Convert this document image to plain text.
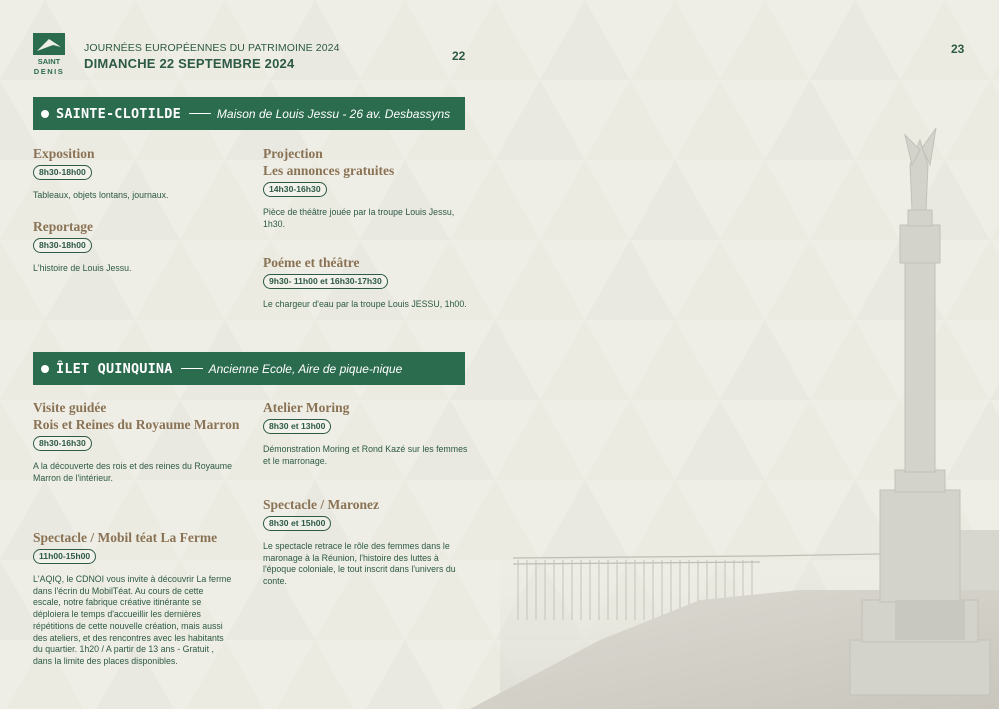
VILLE DE
SAINT
DENIS
JOURNÉES EUROPÉENNES DU PATRIMOINE 2024
DIMANCHE 22 SEPTEMBRE 2024	22	23
SAINTE-CLOTILDE	Maison de Louis Jessu - 26 av. Desbassyns
Exposition
8h30-18h00
Tableaux, objets lontans, journaux.
Reportage
8h30-18h00
L'histoire de Louis Jessu.
Projection
Les annonces gratuites
14h30-16h30
Pièce de théâtre jouée par la troupe Louis Jessu, 1h30.
Poéme et théâtre
9h30- 11h00 et 16h30-17h30
Le chargeur d'eau par la troupe Louis JESSU, 1h00.
ÎLET QUINQUINA	Ancienne Ecole, Aire de pique-nique
Visite guidée
Rois et Reines du Royaume Marron
8h30-16h30
A la découverte des rois et des reines du Royaume Marron de l'intérieur.
Spectacle / Mobil téat La Ferme
11h00-15h00
L'AQIQ, le CDNOI vous invite à découvrir La ferme dans l'écrin du MobilTéat. Au cours de cette escale, notre fabrique créative itinérante se déploiera le temps d'accueillir les dernières répétitions de cette nouvelle création, mais aussi des ateliers, et des rencontres avec les habitants du quartier. 1h20 / A partir de 13 ans - Gratuit , dans la limite des places disponibles.
Atelier Moring
8h30 et 13h00
Démonstration Moring et Rond Kazé sur les femmes et le marronage.
Spectacle / Maronez
8h30 et 15h00
Le spectacle retrace le rôle des femmes dans le maronage à la Réunion, l'histoire des luttes à l'époque coloniale, le tout inscrit dans l'univers du conte.
